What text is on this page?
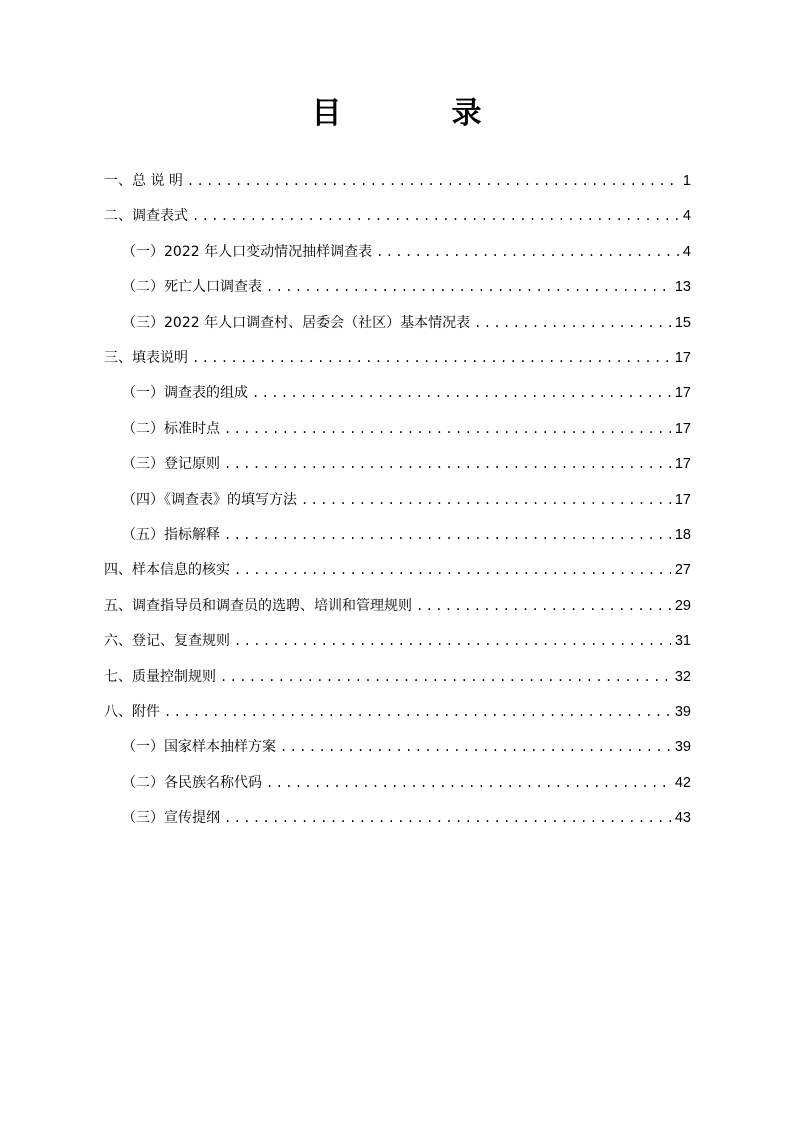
目　录
一、总 说 明 .....	1
二、调查表式 .....	4
（一）2022 年人口变动情况抽样调查表 .....	4
（二）死亡人口调查表 .....	13
（三）2022 年人口调查村、居委会（社区）基本情况表 .....	15
三、填表说明 .....	17
（一）调查表的组成 .....	17
（二）标准时点 .....	17
（三）登记原则 .....	17
（四）《调查表》的填写方法 .....	17
（五）指标解释 .....	18
四、样本信息的核实 .....	27
五、调查指导员和调查员的选聘、培训和管理规则 .....	29
六、登记、复查规则 .....	31
七、质量控制规则 .....	32
八、附件 .....	39
（一）国家样本抽样方案 .....	39
（二）各民族名称代码 .....	42
（三）宣传提纲 .....	43
